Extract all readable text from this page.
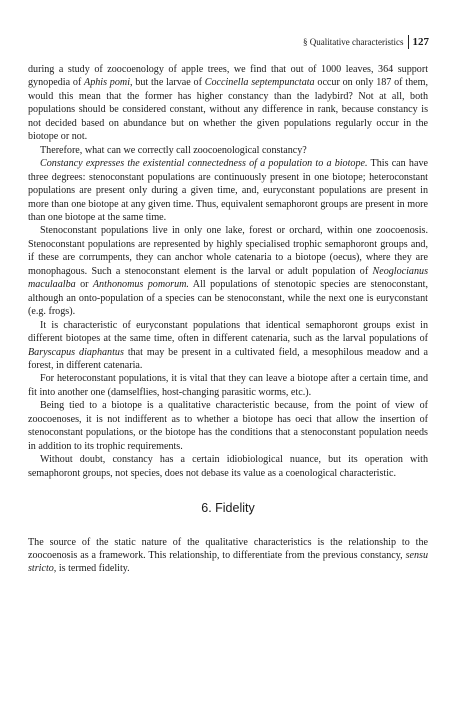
§ Qualitative characteristics 127

during a study of zoocoenology of apple trees, we find that out of 1000 leaves, 364 support gynopedia of Aphis pomi, but the larvae of Coccinella septempunctata occur on only 187 of them, would this mean that the former has higher constancy than the ladybird? Not at all, both populations should be considered constant, without any difference in rank, because constancy is not decided based on abundance but on whether the given populations regularly occur in the biotope or not.

Therefore, what can we correctly call zoocoenological constancy?

Constancy expresses the existential connectedness of a population to a biotope. This can have three degrees: stenoconstant populations are continuously present in one biotope; heteroconstant populations are present only during a given time, and, euryconstant populations are present in more than one biotope at any given time. Thus, equivalent semaphoront groups are present in more than one biotope at the same time.

Stenoconstant populations live in only one lake, forest or orchard, within one zoocoenosis. Stenoconstant populations are represented by highly specialised trophic semaphoront groups and, if these are corrumpents, they can anchor whole catenaria to a biotope (oecus), where they are monophagous. Such a stenoconstant element is the larval or adult population of Neoglocianus maculaalba or Anthonomus pomorum. All populations of stenotopic species are stenoconstant, although an onto-population of a species can be stenoconstant, while the next one is euryconstant (e.g. frogs).

It is characteristic of euryconstant populations that identical semaphoront groups exist in different biotopes at the same time, often in different catenaria, such as the larval populations of Baryscapus diaphantus that may be present in a cultivated field, a mesophilous meadow and a forest, in different catenaria.

For heteroconstant populations, it is vital that they can leave a biotope after a certain time, and fit into another one (damselflies, host-changing parasitic worms, etc.).

Being tied to a biotope is a qualitative characteristic because, from the point of view of zoocoenoses, it is not indifferent as to whether a biotope has oeci that allow the insertion of stenoconstant populations, or the biotope has the conditions that a stenoconstant population needs in addition to its trophic requirements.

Without doubt, constancy has a certain idiobiological nuance, but its operation with semaphoront groups, not species, does not debase its value as a coenological characteristic.

6. Fidelity

The source of the static nature of the qualitative characteristics is the relationship to the zoocoenosis as a framework. This relationship, to differentiate from the previous constancy, sensu stricto, is termed fidelity.
